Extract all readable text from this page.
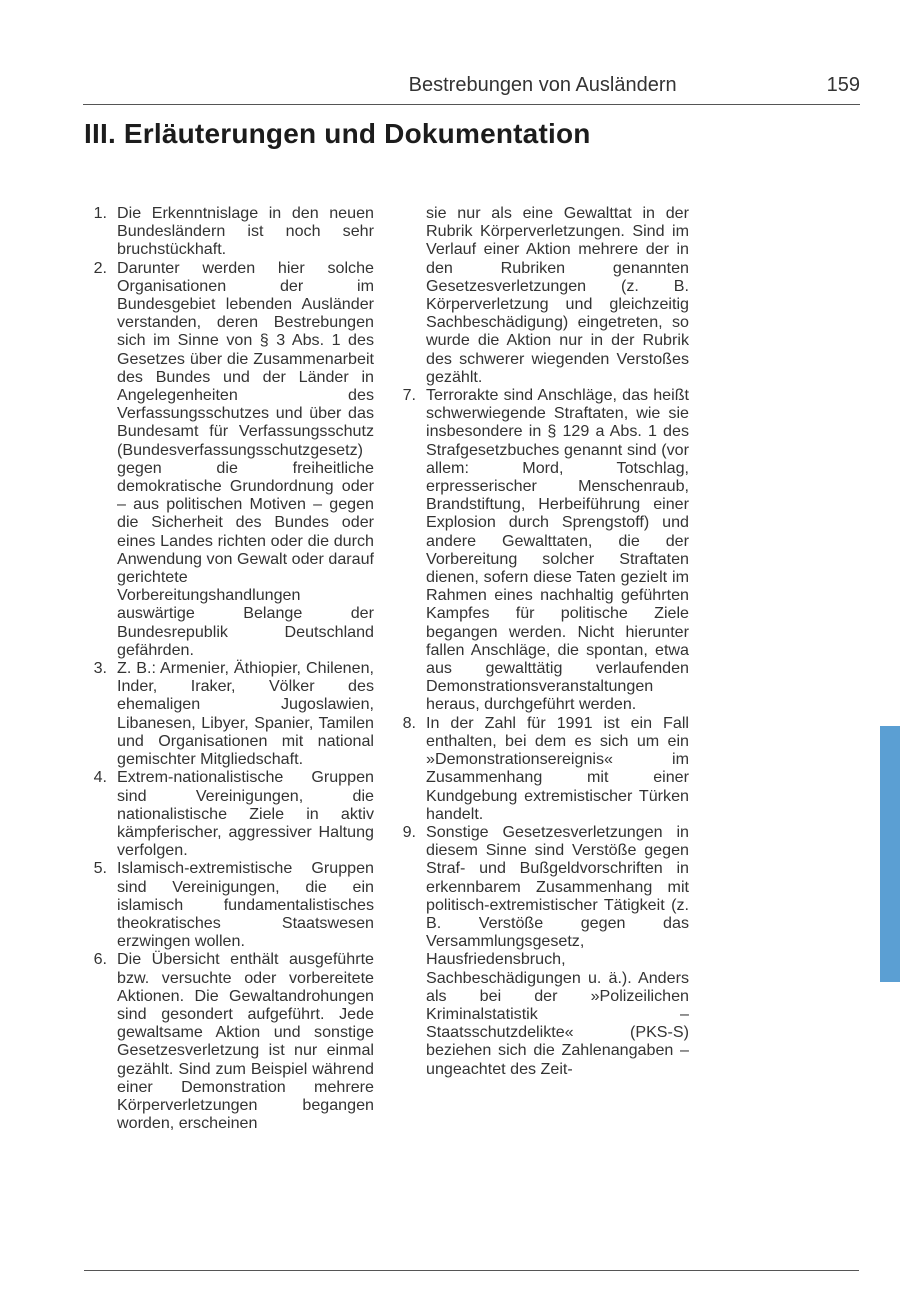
Bestrebungen von Ausländern	159
III. Erläuterungen und Dokumentation
1. Die Erkenntnislage in den neuen Bundesländern ist noch sehr bruchstückhaft.
2. Darunter werden hier solche Organisationen der im Bundesgebiet lebenden Ausländer verstanden, deren Bestrebungen sich im Sinne von § 3 Abs. 1 des Gesetzes über die Zusammenarbeit des Bundes und der Länder in Angelegenheiten des Verfassungsschutzes und über das Bundesamt für Verfassungsschutz (Bundesverfassungsschutzgesetz) gegen die freiheitliche demokratische Grundordnung oder – aus politischen Motiven – gegen die Sicherheit des Bundes oder eines Landes richten oder die durch Anwendung von Gewalt oder darauf gerichtete Vorbereitungshandlungen auswärtige Belange der Bundesrepublik Deutschland gefährden.
3. Z. B.: Armenier, Äthiopier, Chilenen, Inder, Iraker, Völker des ehemaligen Jugoslawien, Libanesen, Libyer, Spanier, Tamilen und Organisationen mit national gemischter Mitgliedschaft.
4. Extrem-nationalistische Gruppen sind Vereinigungen, die nationalistische Ziele in aktiv kämpferischer, aggressiver Haltung verfolgen.
5. Islamisch-extremistische Gruppen sind Vereinigungen, die ein islamisch fundamentalistisches theokratisches Staatswesen erzwingen wollen.
6. Die Übersicht enthält ausgeführte bzw. versuchte oder vorbereitete Aktionen. Die Gewaltandrohungen sind gesondert aufgeführt. Jede gewaltsame Aktion und sonstige Gesetzesverletzung ist nur einmal gezählt. Sind zum Beispiel während einer Demonstration mehrere Körperverletzungen begangen worden, erscheinen
sie nur als eine Gewalttat in der Rubrik Körperverletzungen. Sind im Verlauf einer Aktion mehrere der in den Rubriken genannten Gesetzesverletzungen (z. B. Körperverletzung und gleichzeitig Sachbeschädigung) eingetreten, so wurde die Aktion nur in der Rubrik des schwerer wiegenden Verstoßes gezählt.
7. Terrorakte sind Anschläge, das heißt schwerwiegende Straftaten, wie sie insbesondere in § 129 a Abs. 1 des Strafgesetzbuches genannt sind (vor allem: Mord, Totschlag, erpresserischer Menschenraub, Brandstiftung, Herbeiführung einer Explosion durch Sprengstoff) und andere Gewalttaten, die der Vorbereitung solcher Straftaten dienen, sofern diese Taten gezielt im Rahmen eines nachhaltig geführten Kampfes für politische Ziele begangen werden. Nicht hierunter fallen Anschläge, die spontan, etwa aus gewalttätig verlaufenden Demonstrationsveranstaltungen heraus, durchgeführt werden.
8. In der Zahl für 1991 ist ein Fall enthalten, bei dem es sich um ein »Demonstrationsereignis« im Zusammenhang mit einer Kundgebung extremistischer Türken handelt.
9. Sonstige Gesetzesverletzungen in diesem Sinne sind Verstöße gegen Straf- und Bußgeldvorschriften in erkennbarem Zusammenhang mit politisch-extremistischer Tätigkeit (z. B. Verstöße gegen das Versammlungsgesetz, Hausfriedensbruch, Sachbeschädigungen u. ä.). Anders als bei der »Polizeilichen Kriminalstatistik – Staatsschutzdelikte« (PKS-S) beziehen sich die Zahlenangaben – ungeachtet des Zeit-
